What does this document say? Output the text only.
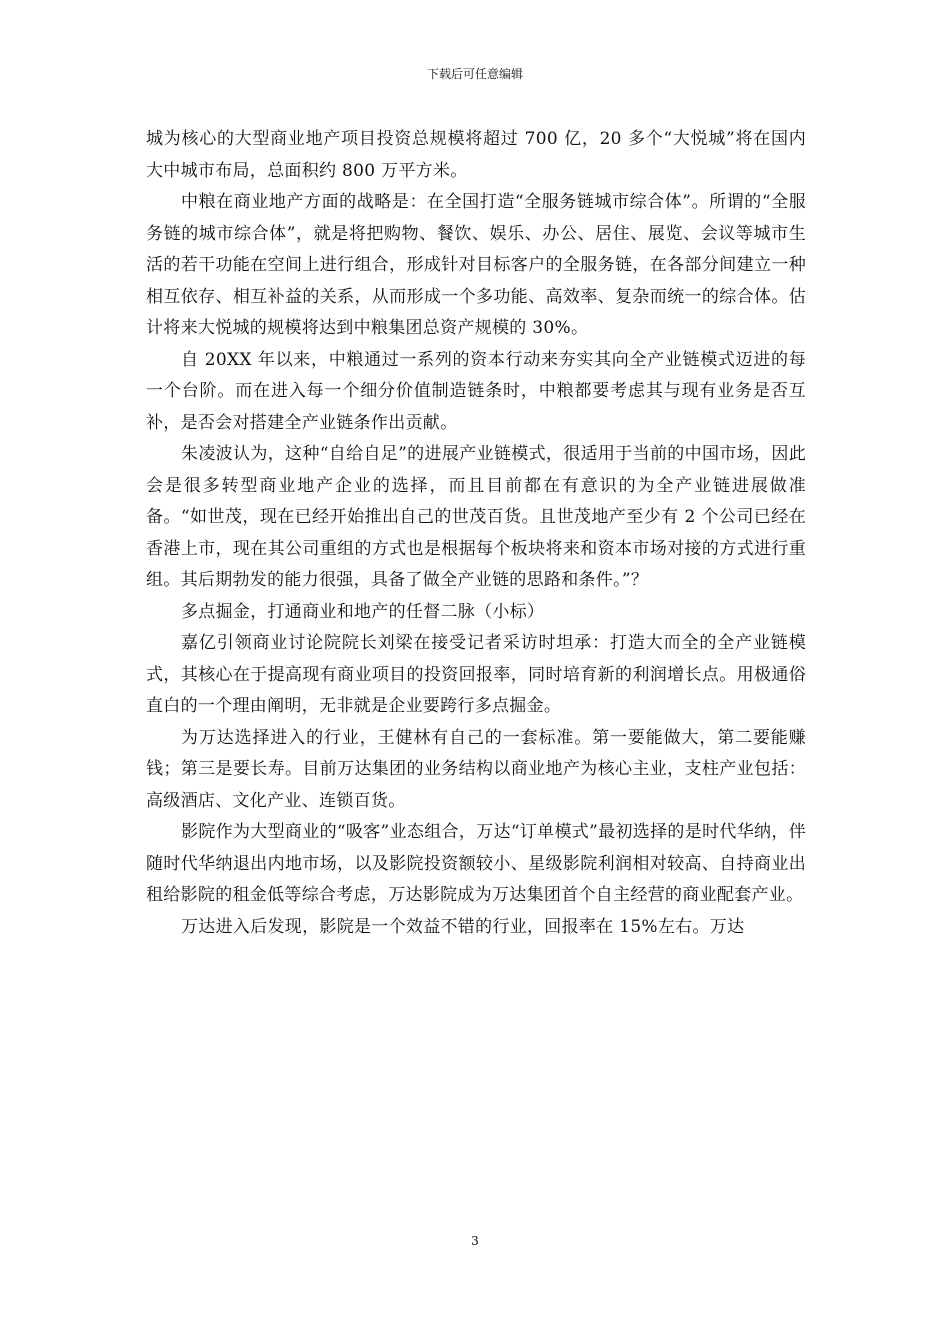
下载后可任意编辑

城为核心的大型商业地产项目投资总规模将超过 700 亿，20 多个“大悦城”将在国内大中城市布局，总面积约 800 万平方米。

中粮在商业地产方面的战略是：在全国打造“全服务链城市综合体”。所谓的“全服务链的城市综合体”，就是将把购物、餐饮、娱乐、办公、居住、展览、会议等城市生活的若干功能在空间上进行组合，形成针对目标客户的全服务链，在各部分间建立一种相互依存、相互补益的关系，从而形成一个多功能、高效率、复杂而统一的综合体。估计将来大悦城的规模将达到中粮集团总资产规模的 30%。

自 20XX 年以来，中粮通过一系列的资本行动来夯实其向全产业链模式迈进的每一个台阶。而在进入每一个细分价值制造链条时，中粮都要考虑其与现有业务是否互补，是否会对搭建全产业链条作出贡献。

朱凌波认为，这种“自给自足”的进展产业链模式，很适用于当前的中国市场，因此会是很多转型商业地产企业的选择，而且目前都在有意识的为全产业链进展做准备。“如世茂，现在已经开始推出自己的世茂百货。且世茂地产至少有 2 个公司已经在香港上市，现在其公司重组的方式也是根据每个板块将来和资本市场对接的方式进行重组。其后期勃发的能力很强，具备了做全产业链的思路和条件。”？

多点掘金，打通商业和地产的任督二脉（小标）

嘉亿引领商业讨论院院长刘梁在接受记者采访时坦承：打造大而全的全产业链模式，其核心在于提高现有商业项目的投资回报率，同时培育新的利润增长点。用极通俗直白的一个理由阐明，无非就是企业要跨行多点掘金。

为万达选择进入的行业，王健林有自己的一套标准。第一要能做大，第二要能赚钱；第三是要长寿。目前万达集团的业务结构以商业地产为核心主业，支柱产业包括：高级酒店、文化产业、连锁百货。

影院作为大型商业的“吸客”业态组合，万达“订单模式”最初选择的是时代华纳，伴随时代华纳退出内地市场，以及影院投资额较小、星级影院利润相对较高、自持商业出租给影院的租金低等综合考虑，万达影院成为万达集团首个自主经营的商业配套产业。

万达进入后发现，影院是一个效益不错的行业，回报率在 15%左右。万达

3
